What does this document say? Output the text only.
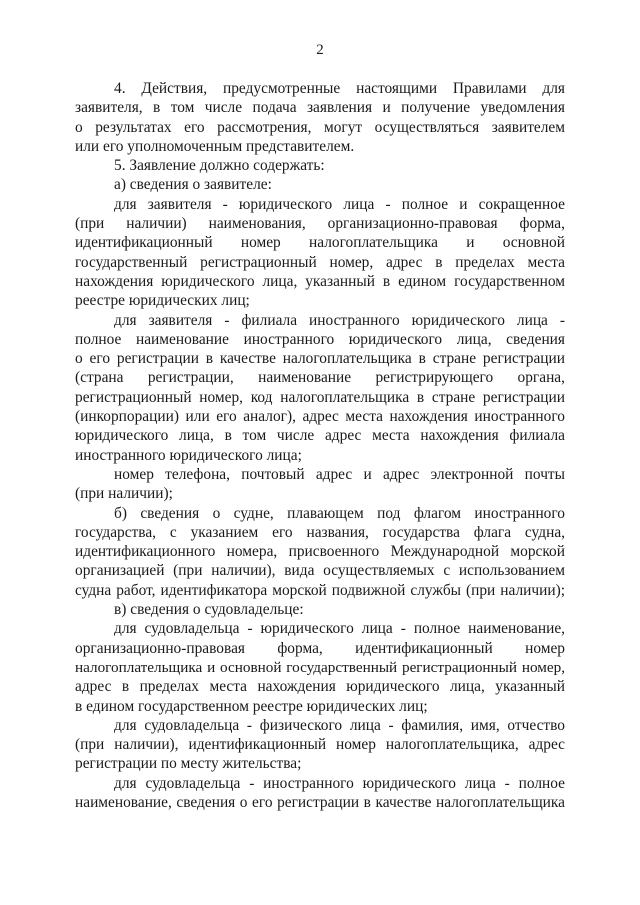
2
4. Действия, предусмотренные настоящими Правилами для
заявителя, в том числе подача заявления и получение уведомления
о результатах его рассмотрения, могут осуществляться заявителем
или его уполномоченным представителем.
5. Заявление должно содержать:
а) сведения о заявителе:
для заявителя - юридического лица - полное и сокращенное
(при наличии) наименования, организационно-правовая форма,
идентификационный номер налогоплательщика и основной
государственный регистрационный номер, адрес в пределах места
нахождения юридического лица, указанный в едином государственном
реестре юридических лиц;
для заявителя - филиала иностранного юридического лица -
полное наименование иностранного юридического лица, сведения
о его регистрации в качестве налогоплательщика в стране регистрации
(страна регистрации, наименование регистрирующего органа,
регистрационный номер, код налогоплательщика в стране регистрации
(инкорпорации) или его аналог), адрес места нахождения иностранного
юридического лица, в том числе адрес места нахождения филиала
иностранного юридического лица;
номер телефона, почтовый адрес и адрес электронной почты
(при наличии);
б) сведения о судне, плавающем под флагом иностранного
государства, с указанием его названия, государства флага судна,
идентификационного номера, присвоенного Международной морской
организацией (при наличии), вида осуществляемых с использованием
судна работ, идентификатора морской подвижной службы (при наличии);
в) сведения о судовладельце:
для судовладельца - юридического лица - полное наименование,
организационно-правовая форма, идентификационный номер
налогоплательщика и основной государственный регистрационный номер,
адрес в пределах места нахождения юридического лица, указанный
в едином государственном реестре юридических лиц;
для судовладельца - физического лица - фамилия, имя, отчество
(при наличии), идентификационный номер налогоплательщика, адрес
регистрации по месту жительства;
для судовладельца - иностранного юридического лица - полное
наименование, сведения о его регистрации в качестве налогоплательщика
